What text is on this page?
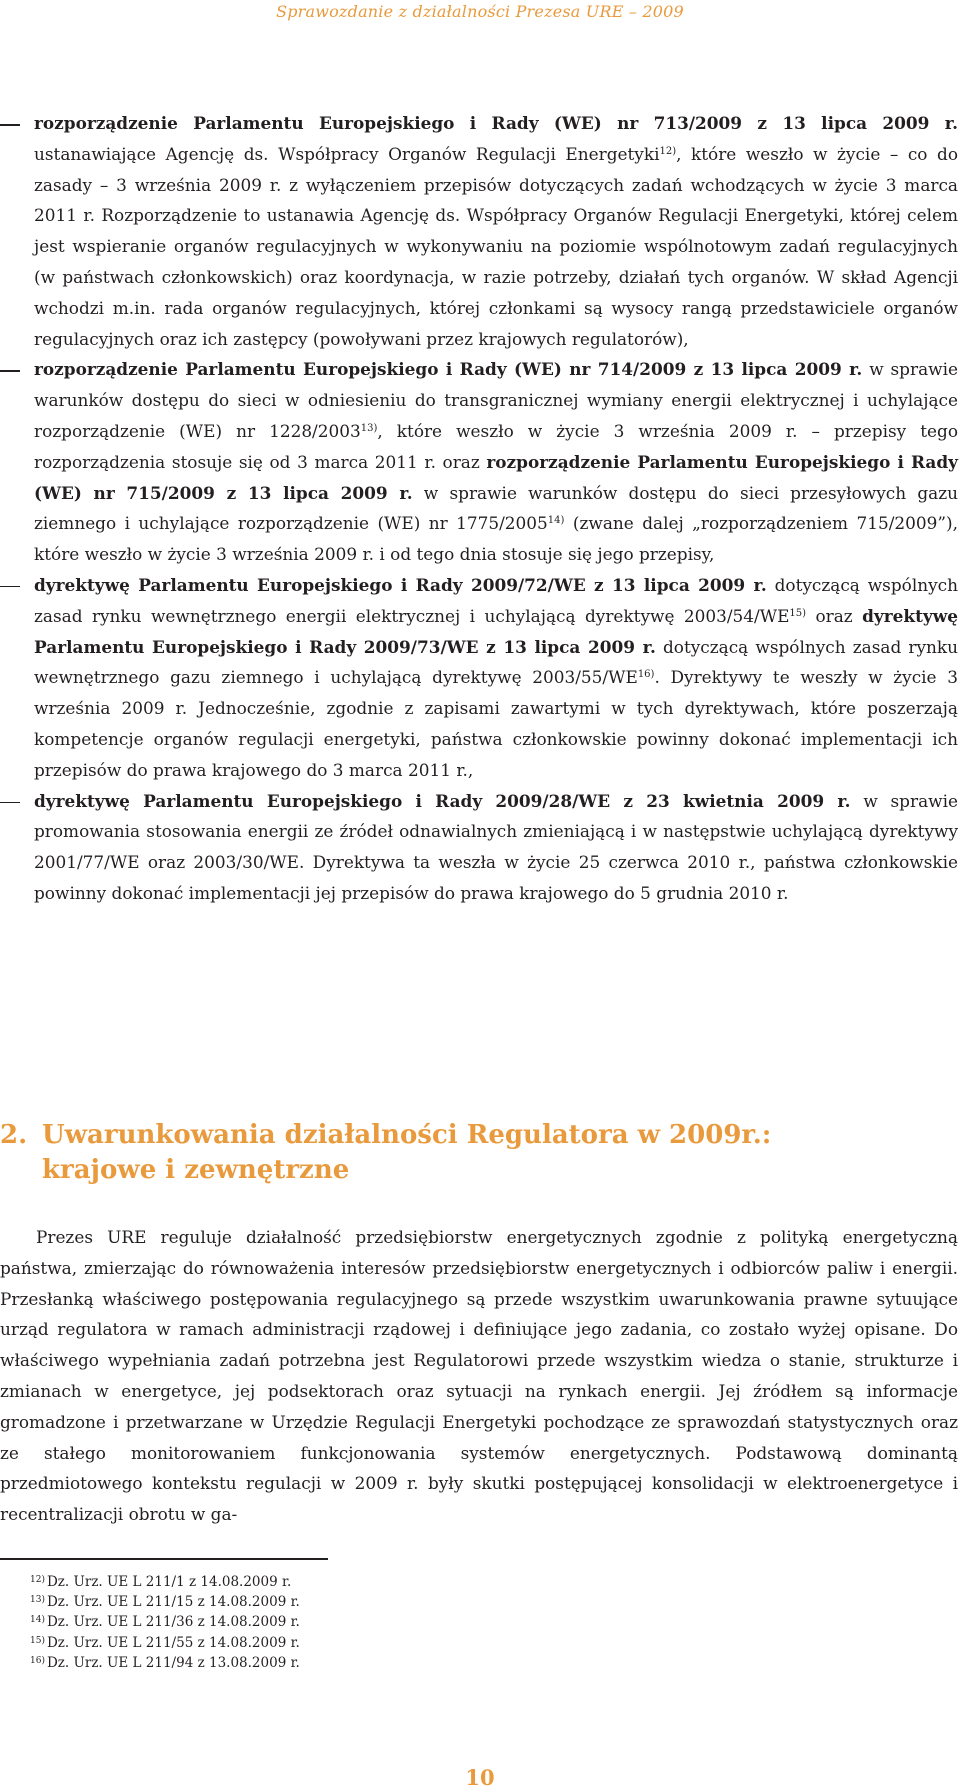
Sprawozdanie z działalności Prezesa URE – 2009
rozporządzenie Parlamentu Europejskiego i Rady (WE) nr 713/2009 z 13 lipca 2009 r. ustanawiające Agencję ds. Współpracy Organów Regulacji Energetyki$^{12)}$, które weszło w życie – co do zasady – 3 września 2009 r. z wyłączeniem przepisów dotyczących zadań wchodzących w życie 3 marca 2011 r. Rozporządzenie to ustanawia Agencję ds. Współpracy Organów Regulacji Energetyki, której celem jest wspieranie organów regulacyjnych w wykonywaniu na poziomie wspólnotowym zadań regulacyjnych (w państwach członkowskich) oraz koordynacja, w razie potrzeby, działań tych organów. W skład Agencji wchodzi m.in. rada organów regulacyjnych, której członkami są wysocy rangą przedstawiciele organów regulacyjnych oraz ich zastępcy (powoływani przez krajowych regulatorów),
rozporządzenie Parlamentu Europejskiego i Rady (WE) nr 714/2009 z 13 lipca 2009 r. w sprawie warunków dostępu do sieci w odniesieniu do transgranicznej wymiany energii elektrycznej i uchylające rozporządzenie (WE) nr 1228/2003$^{13)}$, które weszło w życie 3 września 2009 r. – przepisy tego rozporządzenia stosuje się od 3 marca 2011 r. oraz rozporządzenie Parlamentu Europejskiego i Rady (WE) nr 715/2009 z 13 lipca 2009 r. w sprawie warunków dostępu do sieci przesyłowych gazu ziemnego i uchylające rozporządzenie (WE) nr 1775/2005$^{14)}$ (zwane dalej „rozporządzeniem 715/2009”), które weszło w życie 3 września 2009 r. i od tego dnia stosuje się jego przepisy,
dyrektywę Parlamentu Europejskiego i Rady 2009/72/WE z 13 lipca 2009 r. dotyczącą wspólnych zasad rynku wewnętrznego energii elektrycznej i uchylającą dyrektywę 2003/54/WE$^{15)}$ oraz dyrektywę Parlamentu Europejskiego i Rady 2009/73/WE z 13 lipca 2009 r. dotyczącą wspólnych zasad rynku wewnętrznego gazu ziemnego i uchylającą dyrektywę 2003/55/WE$^{16)}$. Dyrektywy te weszły w życie 3 września 2009 r. Jednocześnie, zgodnie z zapisami zawartymi w tych dyrektywach, które poszerzają kompetencje organów regulacji energetyki, państwa członkowskie powinny dokonać implementacji ich przepisów do prawa krajowego do 3 marca 2011 r.,
dyrektywę Parlamentu Europejskiego i Rady 2009/28/WE z 23 kwietnia 2009 r. w sprawie promowania stosowania energii ze źródeł odnawialnych zmieniającą i w następstwie uchylającą dyrektywy 2001/77/WE oraz 2003/30/WE. Dyrektywa ta weszła w życie 25 czerwca 2010 r., państwa członkowskie powinny dokonać implementacji jej przepisów do prawa krajowego do 5 grudnia 2010 r.
2. Uwarunkowania działalności Regulatora w 2009r.:
krajowe i zewnętrzne
Prezes URE reguluje działalność przedsiębiorstw energetycznych zgodnie z polityką energetyczną państwa, zmierzając do równoważenia interesów przedsiębiorstw energetycznych i odbiorców paliw i energii. Przesłanką właściwego postępowania regulacyjnego są przede wszystkim uwarunkowania prawne sytuujące urząd regulatora w ramach administracji rządowej i definiujące jego zadania, co zostało wyżej opisane. Do właściwego wypełniania zadań potrzebna jest Regulatorowi przede wszystkim wiedza o stanie, strukturze i zmianach w energetyce, jej podsektorach oraz sytuacji na rynkach energii. Jej źródłem są informacje gromadzone i przetwarzane w Urzędzie Regulacji Energetyki pochodzące ze sprawozdań statystycznych oraz ze stałego monitorowaniem funkcjonowania systemów energetycznych. Podstawową dominantą przedmiotowego kontekstu regulacji w 2009 r. były skutki postępującej konsolidacji w elektroenergetyce i recentralizacji obrotu w ga-
$^{12)}$ Dz. Urz. UE L 211/1 z 14.08.2009 r.
$^{13)}$ Dz. Urz. UE L 211/15 z 14.08.2009 r.
$^{14)}$ Dz. Urz. UE L 211/36 z 14.08.2009 r.
$^{15)}$ Dz. Urz. UE L 211/55 z 14.08.2009 r.
$^{16)}$ Dz. Urz. UE L 211/94 z 13.08.2009 r.
10
